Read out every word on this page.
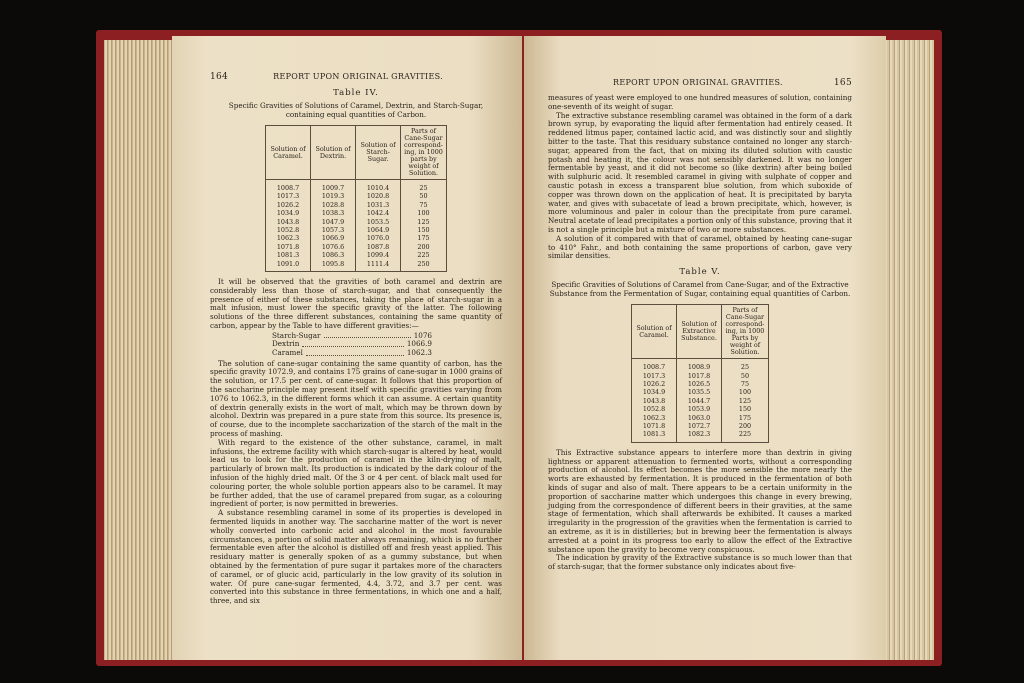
164	REPORT UPON ORIGINAL GRAVITIES.
Table IV.
Specific Gravities of Solutions of Caramel, Dextrin, and Starch-Sugar, containing equal quantities of Carbon.
Solution of Caramel.	Solution of Dextrin.	Solution of Starch-Sugar.	Parts of Cane-Sugar correspond-ing, in 1000 parts by weight of Solution.
1008.7	1009.7	1010.4	25
1017.3	1019.3	1020.8	50
1026.2	1028.8	1031.3	75
1034.9	1038.3	1042.4	100
1043.8	1047.9	1053.5	125
1052.8	1057.3	1064.9	150
1062.3	1066.9	1076.0	175
1071.8	1076.6	1087.8	200
1081.3	1086.3	1099.4	225
1091.0	1095.8	1111.4	250

It will be observed that the gravities of both caramel and dextrin are considerably less than those of starch-sugar, and that consequently the presence of either of these substances, taking the place of starch-sugar in a malt infusion, must lower the specific gravity of the latter. The following solutions of the three different substances, containing the same quantity of carbon, appear by the Table to have different gravities:—

Starch-Sugar	1076
Dextrin	1066.9
Caramel	1062.3

The solution of cane-sugar containing the same quantity of carbon, has the specific gravity 1072.9, and contains 175 grains of cane-sugar in 1000 grains of the solution, or 17.5 per cent. of cane-sugar. It follows that this proportion of the saccharine principle may present itself with specific gravities varying from 1076 to 1062.3, in the different forms which it can assume. A certain quantity of dextrin generally exists in the wort of malt, which may be thrown down by alcohol. Dextrin was prepared in a pure state from this source. Its presence is, of course, due to the incomplete saccharization of the starch of the malt in the process of mashing.

With regard to the existence of the other substance, caramel, in malt infusions, the extreme facility with which starch-sugar is altered by heat, would lead us to look for the production of caramel in the kiln-drying of malt, particularly of brown malt. Its production is indicated by the dark colour of the infusion of the highly dried malt. Of the 3 or 4 per cent. of black malt used for colouring porter, the whole soluble portion appears also to be caramel. It may be further added, that the use of caramel prepared from sugar, as a colouring ingredient of porter, is now permitted in breweries.

A substance resembling caramel in some of its properties is developed in fermented liquids in another way. The saccharine matter of the wort is never wholly converted into carbonic acid and alcohol in the most favourable circumstances, a portion of solid matter always remaining, which is no further fermentable even after the alcohol is distilled off and fresh yeast applied. This residuary matter is generally spoken of as a gummy substance, but when obtained by the fermentation of pure sugar it partakes more of the characters of caramel, or of glucic acid, particularly in the low gravity of its solution in water. Of pure cane-sugar fermented, 4.4, 3.72, and 3.7 per cent. was converted into this substance in three fermentations, in which one and a half, three, and six

REPORT UPON ORIGINAL GRAVITIES.	165

measures of yeast were employed to one hundred measures of solution, containing one-seventh of its weight of sugar.

The extractive substance resembling caramel was obtained in the form of a dark brown syrup, by evaporating the liquid after fermentation had entirely ceased. It reddened litmus paper, contained lactic acid, and was distinctly sour and slightly bitter to the taste. That this residuary substance contained no longer any starch-sugar, appeared from the fact, that on mixing its diluted solution with caustic potash and heating it, the colour was not sensibly darkened. It was no longer fermentable by yeast, and it did not become so (like dextrin) after being boiled with sulphuric acid. It resembled caramel in giving with sulphate of copper and caustic potash in excess a transparent blue solution, from which suboxide of copper was thrown down on the application of heat. It is precipitated by baryta water, and gives with subacetate of lead a brown precipitate, which, however, is more voluminous and paler in colour than the precipitate from pure caramel. Neutral acetate of lead precipitates a portion only of this substance, proving that it is not a single principle but a mixture of two or more substances.

A solution of it compared with that of caramel, obtained by heating cane-sugar to 410° Fahr., and both containing the same proportions of carbon, gave very similar densities.

Table V.
Specific Gravities of Solutions of Caramel from Cane-Sugar, and of the Extractive Substance from the Fermentation of Sugar, containing equal quantities of Carbon.
Solution of Caramel.	Solution of Extractive Substance.	Parts of Cane-Sugar correspond-ing, in 1000 Parts by weight of Solution.
1008.7	1008.9	25
1017.3	1017.8	50
1026.2	1026.5	75
1034.9	1035.5	100
1043.8	1044.7	125
1052.8	1053.9	150
1062.3	1063.0	175
1071.8	1072.7	200
1081.3	1082.3	225

This Extractive substance appears to interfere more than dextrin in giving lightness or apparent attenuation to fermented worts, without a corresponding production of alcohol. Its effect becomes the more sensible the more nearly the worts are exhausted by fermentation. It is produced in the fermentation of both kinds of sugar and also of malt. There appears to be a certain uniformity in the proportion of saccharine matter which undergoes this change in every brewing, judging from the correspondence of different beers in their gravities, at the same stage of fermentation, which shall afterwards be exhibited. It causes a marked irregularity in the progression of the gravities when the fermentation is carried to an extreme, as it is in distilleries; but in brewing beer the fermentation is always arrested at a point in its progress too early to allow the effect of the Extractive substance upon the gravity to become very conspicuous.

The indication by gravity of the Extractive substance is so much lower than that of starch-sugar, that the former substance only indicates about five-
